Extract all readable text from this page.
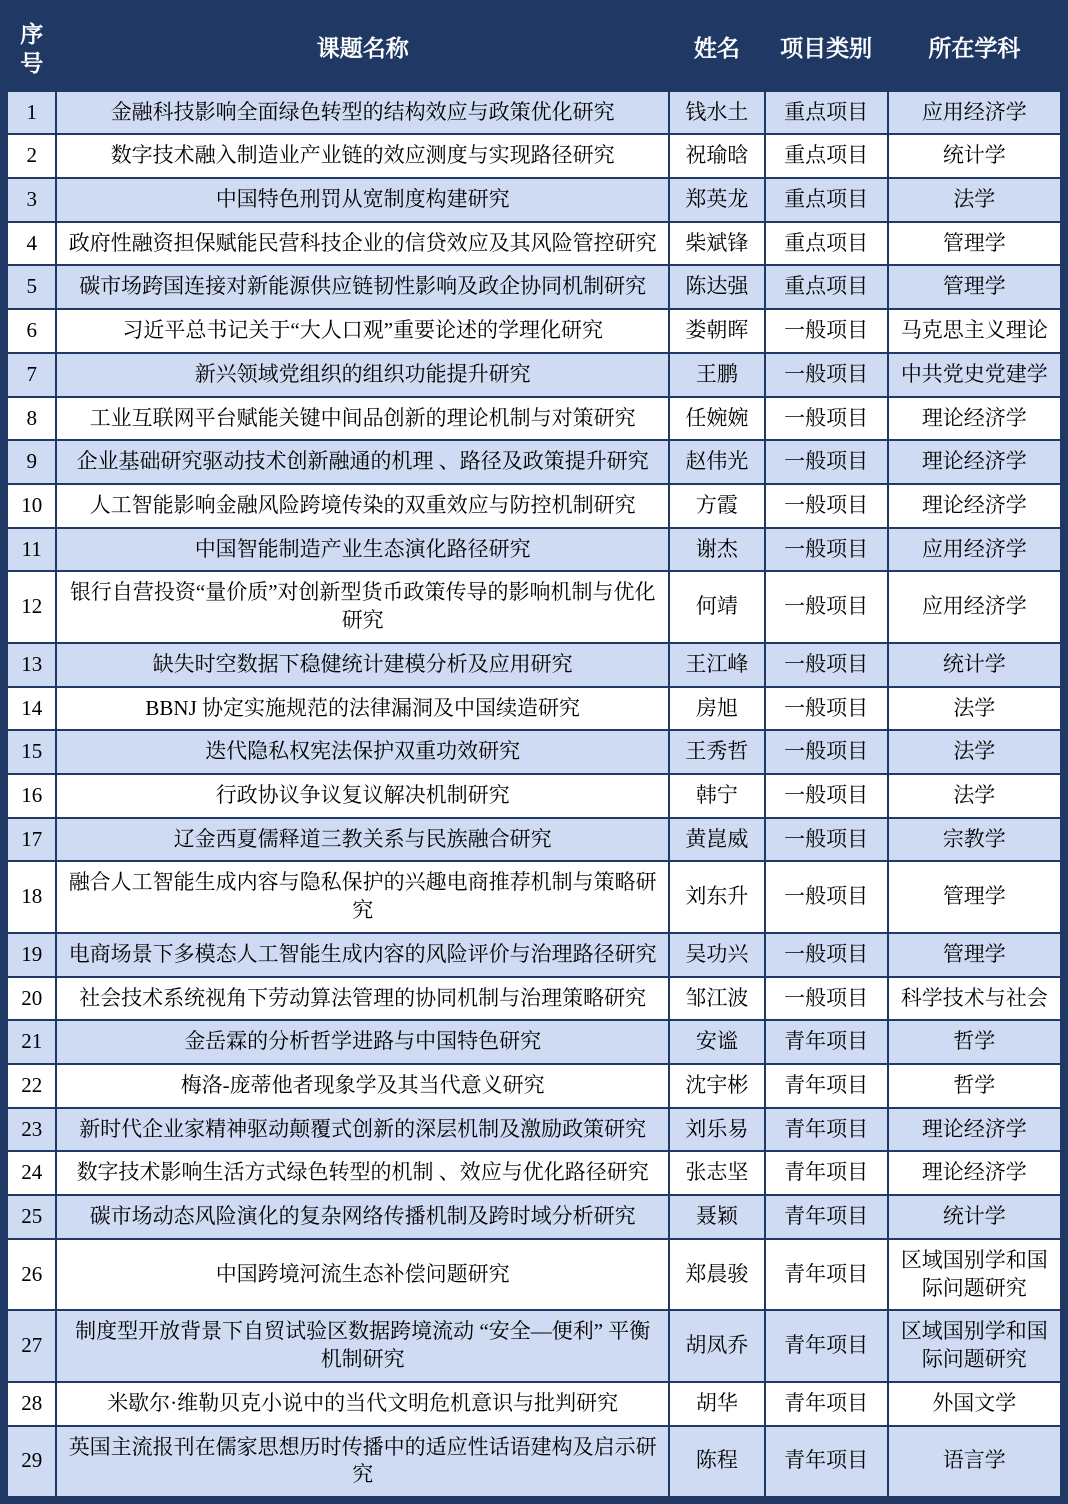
序号	课题名称	姓名	项目类别	所在学科
1	金融科技影响全面绿色转型的结构效应与政策优化研究	钱水土	重点项目	应用经济学
2	数字技术融入制造业产业链的效应测度与实现路径研究	祝瑜晗	重点项目	统计学
3	中国特色刑罚从宽制度构建研究	郑英龙	重点项目	法学
4	政府性融资担保赋能民营科技企业的信贷效应及其风险管控研究	柴斌锋	重点项目	管理学
5	碳市场跨国连接对新能源供应链韧性影响及政企协同机制研究	陈达强	重点项目	管理学
6	习近平总书记关于“大人口观”重要论述的学理化研究	娄朝晖	一般项目	马克思主义理论
7	新兴领域党组织的组织功能提升研究	王鹏	一般项目	中共党史党建学
8	工业互联网平台赋能关键中间品创新的理论机制与对策研究	任婉婉	一般项目	理论经济学
9	企业基础研究驱动技术创新融通的机理 、路径及政策提升研究	赵伟光	一般项目	理论经济学
10	人工智能影响金融风险跨境传染的双重效应与防控机制研究	方霞	一般项目	理论经济学
11	中国智能制造产业生态演化路径研究	谢杰	一般项目	应用经济学
12	银行自营投资“量价质”对创新型货币政策传导的影响机制与优化研究	何靖	一般项目	应用经济学
13	缺失时空数据下稳健统计建模分析及应用研究	王江峰	一般项目	统计学
14	BBNJ 协定实施规范的法律漏洞及中国续造研究	房旭	一般项目	法学
15	迭代隐私权宪法保护双重功效研究	王秀哲	一般项目	法学
16	行政协议争议复议解决机制研究	韩宁	一般项目	法学
17	辽金西夏儒释道三教关系与民族融合研究	黄崑威	一般项目	宗教学
18	融合人工智能生成内容与隐私保护的兴趣电商推荐机制与策略研究	刘东升	一般项目	管理学
19	电商场景下多模态人工智能生成内容的风险评价与治理路径研究	吴功兴	一般项目	管理学
20	社会技术系统视角下劳动算法管理的协同机制与治理策略研究	邹江波	一般项目	科学技术与社会
21	金岳霖的分析哲学进路与中国特色研究	安谧	青年项目	哲学
22	梅洛-庞蒂他者现象学及其当代意义研究	沈宇彬	青年项目	哲学
23	新时代企业家精神驱动颠覆式创新的深层机制及激励政策研究	刘乐易	青年项目	理论经济学
24	数字技术影响生活方式绿色转型的机制 、效应与优化路径研究	张志坚	青年项目	理论经济学
25	碳市场动态风险演化的复杂网络传播机制及跨时域分析研究	聂颖	青年项目	统计学
26	中国跨境河流生态补偿问题研究	郑晨骏	青年项目	区域国别学和国际问题研究
27	制度型开放背景下自贸试验区数据跨境流动 “安全—便利” 平衡机制研究	胡凤乔	青年项目	区域国别学和国际问题研究
28	米歇尔·维勒贝克小说中的当代文明危机意识与批判研究	胡华	青年项目	外国文学
29	英国主流报刊在儒家思想历时传播中的适应性话语建构及启示研究	陈程	青年项目	语言学
